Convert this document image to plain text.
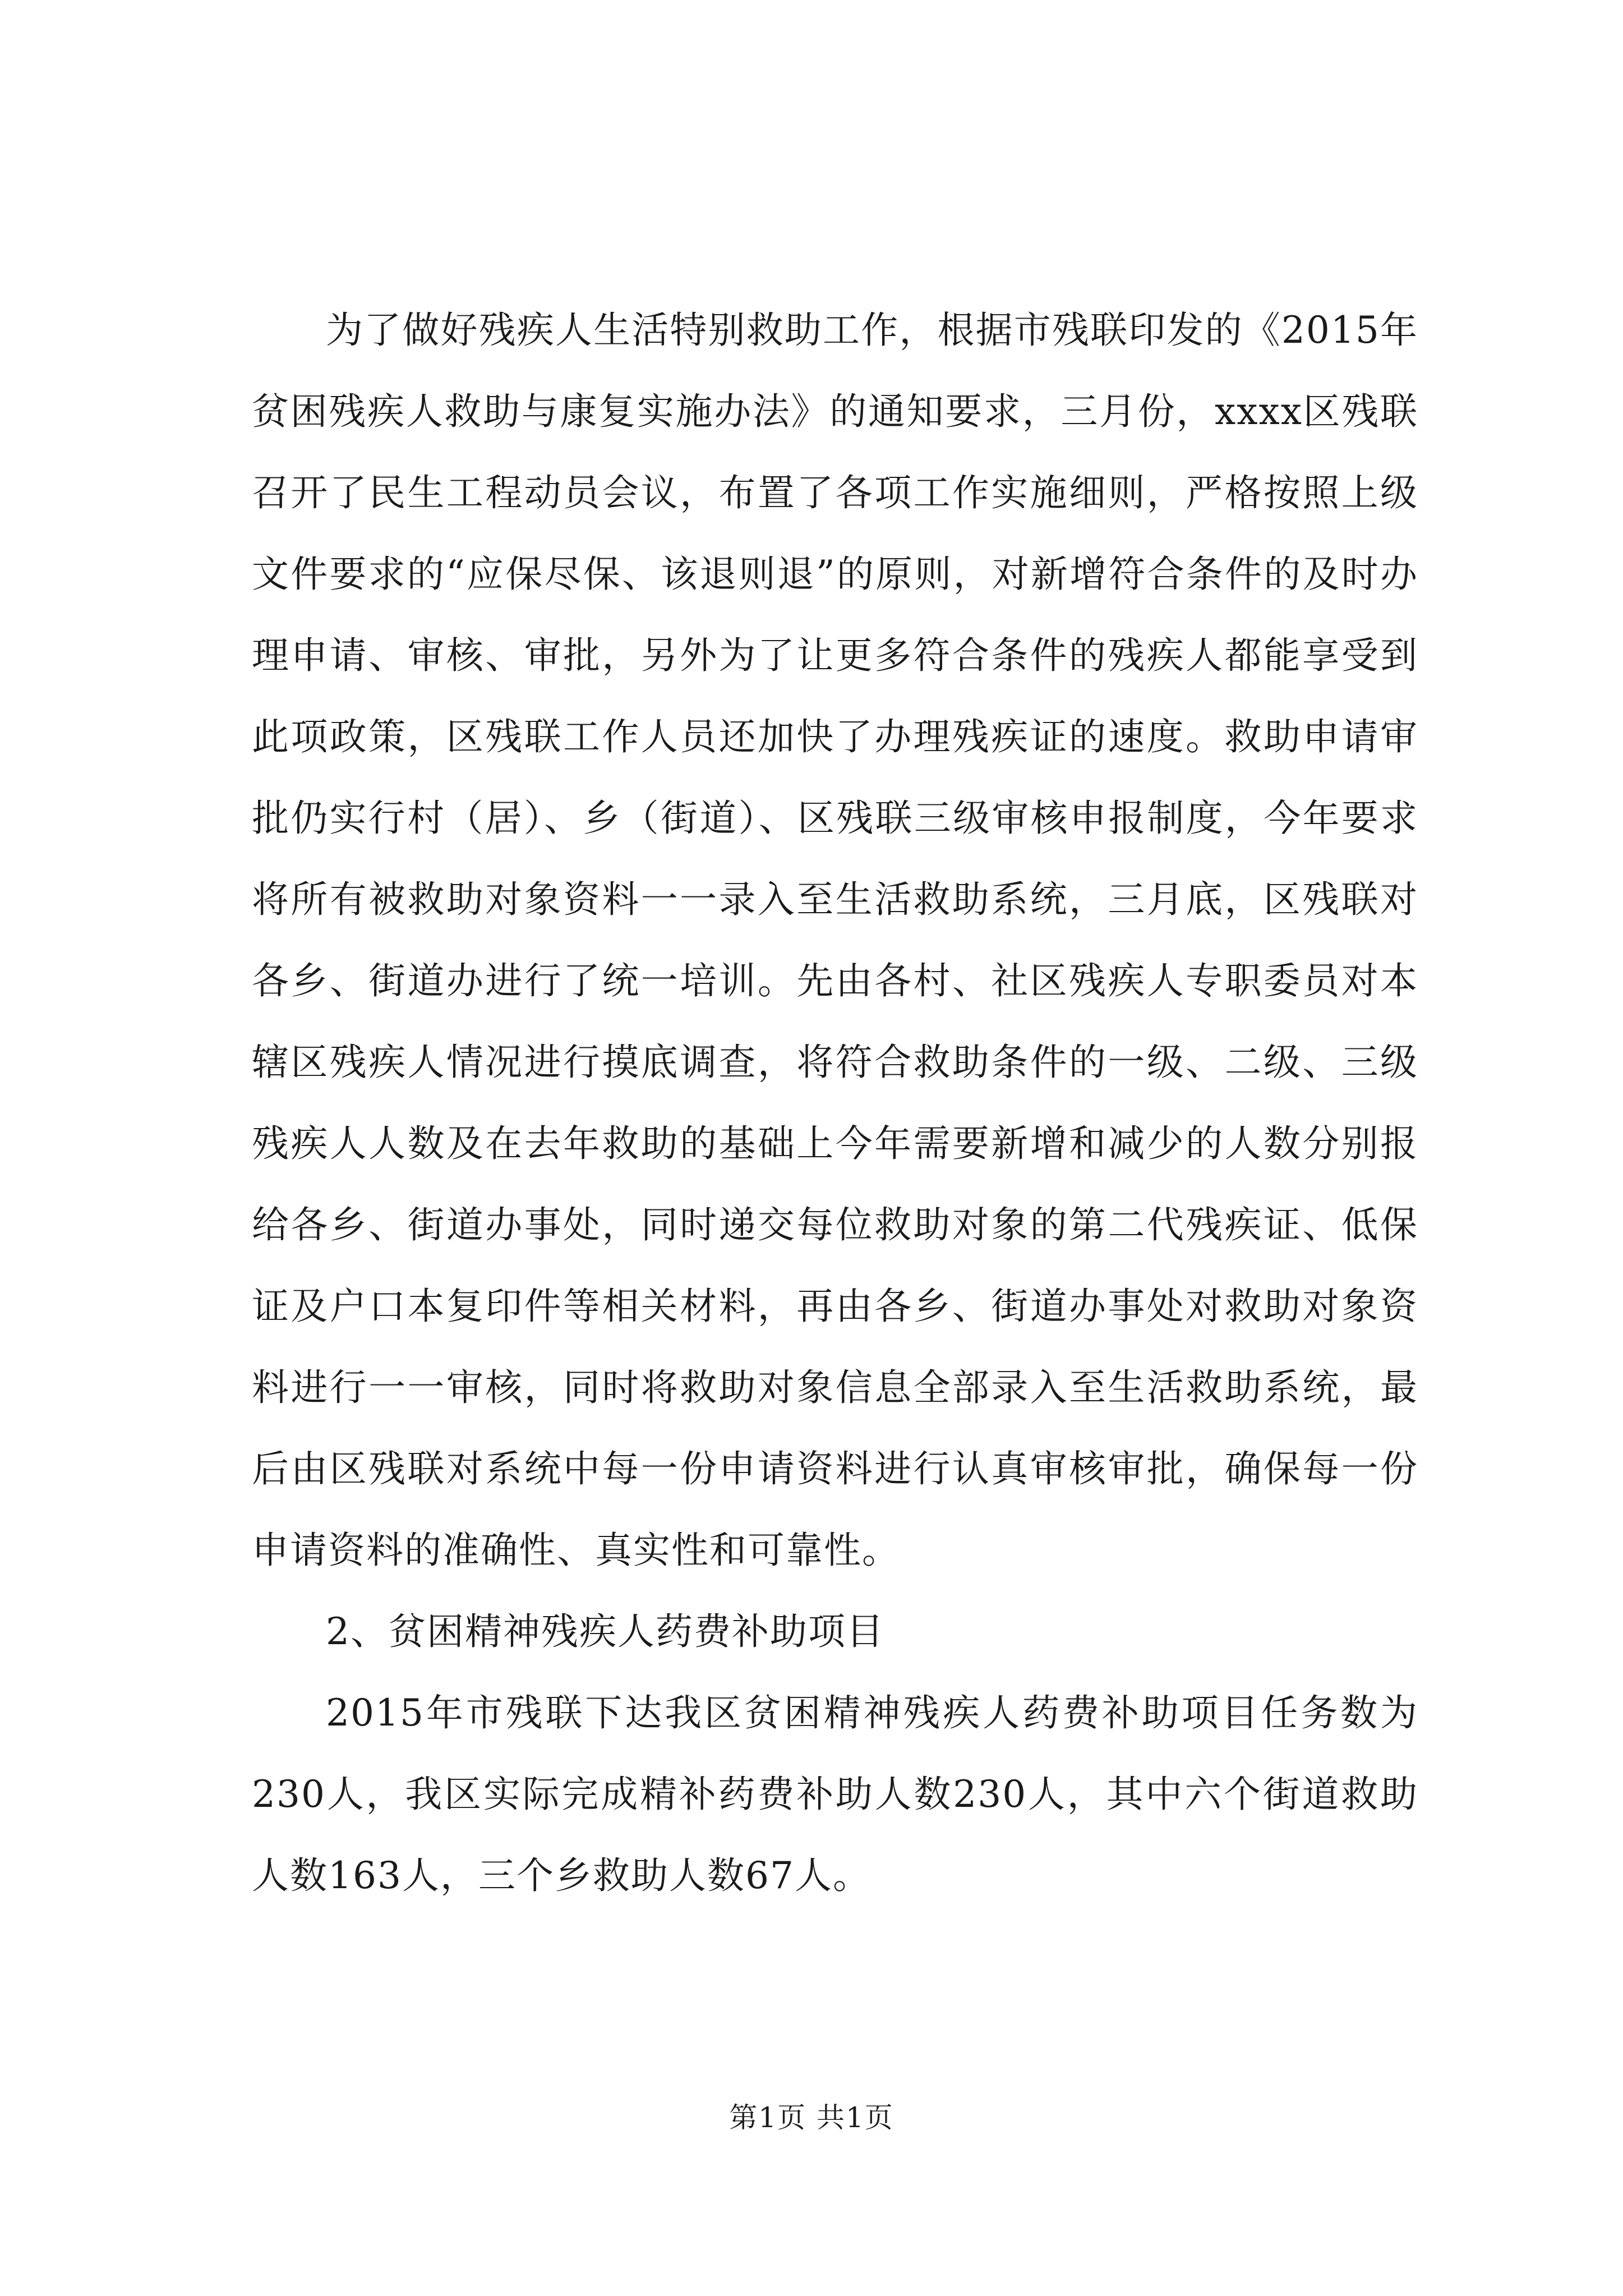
为了做好残疾人生活特别救助工作，根据市残联印发的《2015年贫困残疾人救助与康复实施办法》的通知要求，三月份，xxxx区残联召开了民生工程动员会议，布置了各项工作实施细则，严格按照上级文件要求的“应保尽保、该退则退”的原则，对新增符合条件的及时办理申请、审核、审批，另外为了让更多符合条件的残疾人都能享受到此项政策，区残联工作人员还加快了办理残疾证的速度。救助申请审批仍实行村（居）、乡（街道）、区残联三级审核申报制度，今年要求将所有被救助对象资料一一录入至生活救助系统，三月底，区残联对各乡、街道办进行了统一培训。先由各村、社区残疾人专职委员对本辖区残疾人情况进行摸底调查，将符合救助条件的一级、二级、三级残疾人人数及在去年救助的基础上今年需要新增和减少的人数分别报给各乡、街道办事处，同时递交每位救助对象的第二代残疾证、低保证及户口本复印件等相关材料，再由各乡、街道办事处对救助对象资料进行一一审核，同时将救助对象信息全部录入至生活救助系统，最后由区残联对系统中每一份申请资料进行认真审核审批，确保每一份申请资料的准确性、真实性和可靠性。

2、贫困精神残疾人药费补助项目

2015年市残联下达我区贫困精神残疾人药费补助项目任务数为230人，我区实际完成精补药费补助人数230人，其中六个街道救助人数163人，三个乡救助人数67人。

第1页 共1页
